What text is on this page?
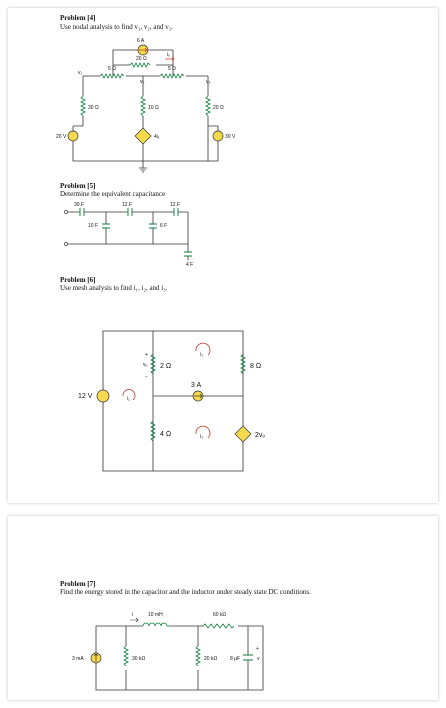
Problem [4]
Use nodal analysis to find v₁, v₂, and v₃.
6 A
20 Ω
iₓ
5 Ω	5 Ω
v₁
v₂	v₃
30 Ω	10 Ω	20 Ω
20 V	30 V
4iₓ
Problem [5]
Determine the equivalent capacitance
30 F	12 F	12 F
10 F	6 F
4 F
Problem [6]
Use mesh analysis to find i₁, i₂, and i₃.
12 V	i₁
2 Ω
+
vₒ
−
i₂
8 Ω
3 A
4 Ω	i₃	2vₒ
Problem [7]
Find the energy stored in the capacitor and the inductor under steady state DC conditions.
10 mH
i	60 kΩ
3 mA	30 kΩ	20 kΩ	8 μF
+
v
